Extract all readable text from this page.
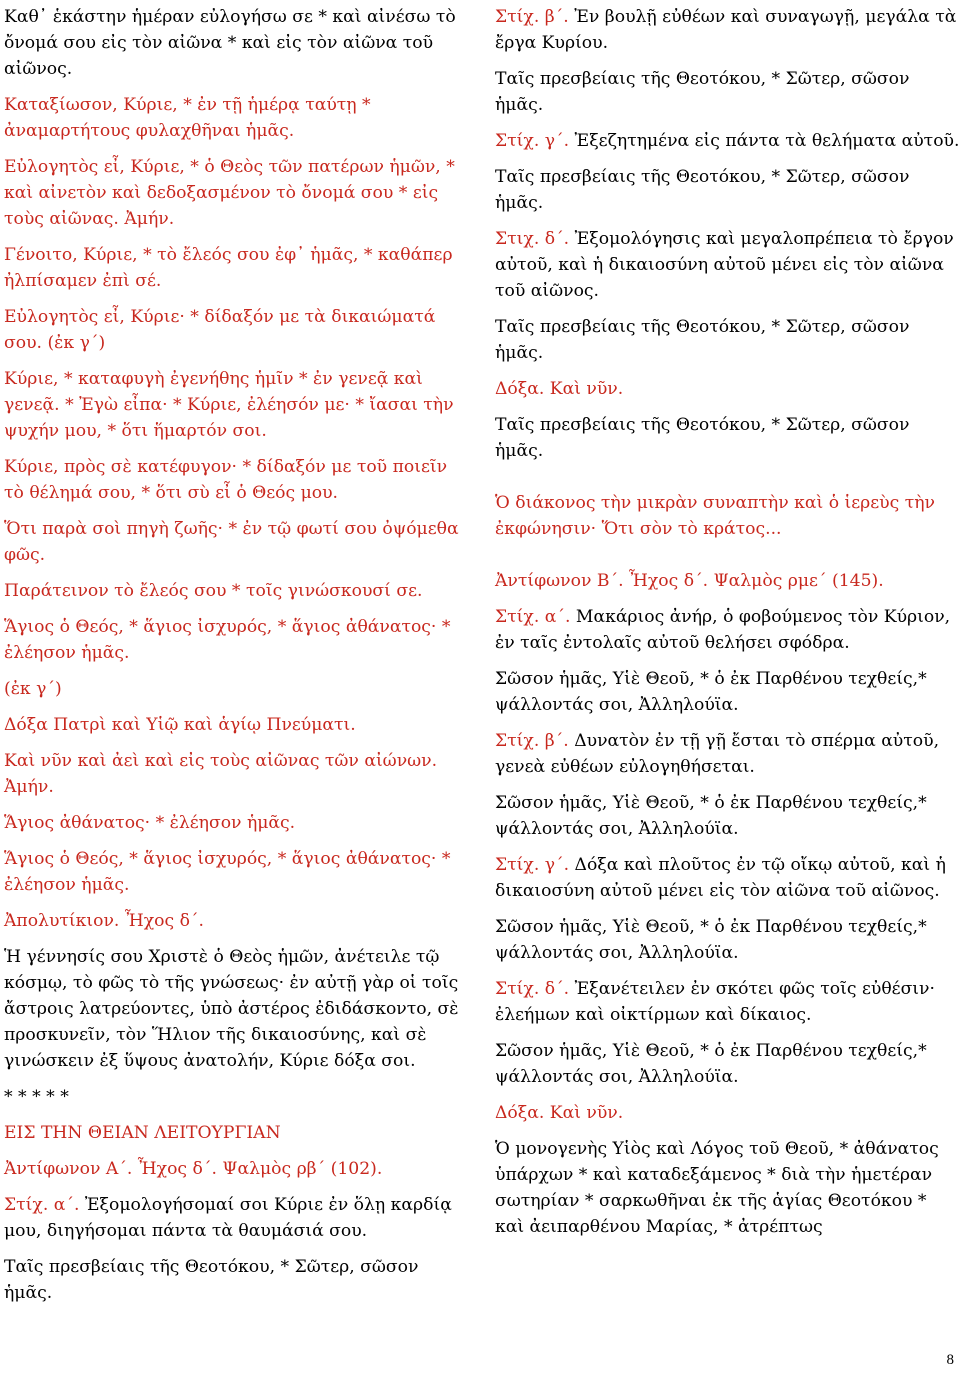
Καθ᾽ ἑκάστην ἡμέραν εὐλογήσω σε * καὶ αἰνέσω τὸ ὄνομά σου εἰς τὸν αἰῶνα * καὶ εἰς τὸν αἰῶνα τοῦ αἰῶνος.

Καταξίωσον, Κύριε, * ἐν τῇ ἡμέρᾳ ταύτῃ * ἀναμαρτήτους φυλαχθῆναι ἡμᾶς.

Εὐλογητὸς εἶ, Κύριε, * ὁ Θεὸς τῶν πατέρων ἡμῶν, * καὶ αἰνετὸν καὶ δεδοξασμένον τὸ ὄνομά σου * εἰς τοὺς αἰῶνας. Ἀμήν.

Γένοιτο, Κύριε, * τὸ ἔλεός σου ἐφ᾽ ἡμᾶς, * καθάπερ ἠλπίσαμεν ἐπὶ σέ.

Εὐλογητὸς εἶ, Κύριε· * δίδαξόν με τὰ δικαιώματά σου. (ἐκ γ´)

Κύριε, * καταφυγὴ ἐγενήθης ἡμῖν * ἐν γενεᾷ καὶ γενεᾷ. * Ἐγὼ εἶπα· * Κύριε, ἐλέησόν με· * ἴασαι τὴν ψυχήν μου, * ὅτι ἥμαρτόν σοι.

Κύριε, πρὸς σὲ κατέφυγον· * δίδαξόν με τοῦ ποιεῖν τὸ θέλημά σου, * ὅτι σὺ εἶ ὁ Θεός μου.

Ὅτι παρὰ σοὶ πηγὴ ζωῆς· * ἐν τῷ φωτί σου ὀψόμεθα φῶς.

Παράτεινον τὸ ἔλεός σου * τοῖς γινώσκουσί σε.

Ἅγιος ὁ Θεός, * ἅγιος ἰσχυρός, * ἅγιος ἀθάνατος· * ἐλέησον ἡμᾶς.

(ἐκ γ´)

Δόξα Πατρὶ καὶ Υἱῷ καὶ ἁγίῳ Πνεύματι.

Καὶ νῦν καὶ ἀεὶ καὶ εἰς τοὺς αἰῶνας τῶν αἰώνων. Ἀμήν.

Ἅγιος ἀθάνατος· * ἐλέησον ἡμᾶς.

Ἅγιος ὁ Θεός, * ἅγιος ἰσχυρός, * ἅγιος ἀθάνατος· * ἐλέησον ἡμᾶς.

Ἀπολυτίκιον. Ἦχος δ΄.

Ἡ γέννησίς σου Χριστὲ ὁ Θεὸς ἡμῶν, ἀνέτειλε τῷ κόσμῳ, τὸ φῶς τὸ τῆς γνώσεως· ἐν αὐτῇ γὰρ οἱ τοῖς ἄστροις λατρεύοντες, ὑπὸ ἀστέρος ἐδιδάσκοντο, σὲ προσκυνεῖν, τὸν Ἥλιον τῆς δικαιοσύνης, καὶ σὲ γινώσκειν ἐξ ὕψους ἀνατολήν, Κύριε δόξα σοι.

* * * * *

ΕΙΣ ΤΗΝ ΘΕΙΑΝ ΛΕΙΤΟΥΡΓΙΑΝ

Ἀντίφωνον Α´. Ἦχος δ´. Ψαλμὸς ρβ´ (102).

Στίχ. α´. Ἐξομολογήσομαί σοι Κύριε ἐν ὅλῃ καρδίᾳ μου, διηγήσομαι πάντα τὰ θαυμάσιά σου.

Ταῖς πρεσβείαις τῆς Θεοτόκου, * Σῶτερ, σῶσον ἡμᾶς.

Στίχ. β´. Ἐν βουλῇ εὐθέων καὶ συναγωγῇ, μεγάλα τὰ ἔργα Κυρίου.

Ταῖς πρεσβείαις τῆς Θεοτόκου, * Σῶτερ, σῶσον ἡμᾶς.

Στίχ. γ´. Ἐξεζητημένα εἰς πάντα τὰ θελήματα αὐτοῦ.

Ταῖς πρεσβείαις τῆς Θεοτόκου, * Σῶτερ, σῶσον ἡμᾶς.

Στιχ. δ´. Ἐξομολόγησις καὶ μεγαλοπρέπεια τὸ ἔργον αὐτοῦ, καὶ ἡ δικαιοσύνη αὐτοῦ μένει εἰς τὸν αἰῶνα τοῦ αἰῶνος.

Ταῖς πρεσβείαις τῆς Θεοτόκου, * Σῶτερ, σῶσον ἡμᾶς.

Δόξα. Καὶ νῦν.

Ταῖς πρεσβείαις τῆς Θεοτόκου, * Σῶτερ, σῶσον ἡμᾶς.

Ὁ διάκονος τὴν μικρὰν συναπτὴν καὶ ὁ ἱερεὺς τὴν ἐκφώνησιν· Ὅτι σὸν τὸ κράτος...

Ἀντίφωνον Β´. Ἦχος δ´. Ψαλμὸς ρμε´ (145).

Στίχ. α´. Μακάριος ἀνήρ, ὁ φοβούμενος τὸν Κύριον, ἐν ταῖς ἐντολαῖς αὐτοῦ θελήσει σφόδρα.

Σῶσον ἡμᾶς, Υἱὲ Θεοῦ, * ὁ ἐκ Παρθένου τεχθείς,* ψάλλοντάς σοι, Ἀλληλούϊα.

Στίχ. β´. Δυνατὸν ἐν τῇ γῇ ἔσται τὸ σπέρμα αὐτοῦ, γενεὰ εὐθέων εὐλογηθήσεται.

Σῶσον ἡμᾶς, Υἱὲ Θεοῦ, * ὁ ἐκ Παρθένου τεχθείς,* ψάλλοντάς σοι, Ἀλληλούϊα.

Στίχ. γ´. Δόξα καὶ πλοῦτος ἐν τῷ οἴκῳ αὐτοῦ, καὶ ἡ δικαιοσύνη αὐτοῦ μένει εἰς τὸν αἰῶνα τοῦ αἰῶνος.

Σῶσον ἡμᾶς, Υἱὲ Θεοῦ, * ὁ ἐκ Παρθένου τεχθείς,* ψάλλοντάς σοι, Ἀλληλούϊα.

Στίχ. δ´. Ἐξανέτειλεν ἐν σκότει φῶς τοῖς εὐθέσιν· ἐλεήμων καὶ οἰκτίρμων καὶ δίκαιος.

Σῶσον ἡμᾶς, Υἱὲ Θεοῦ, * ὁ ἐκ Παρθένου τεχθείς,* ψάλλοντάς σοι, Ἀλληλούϊα.

Δόξα. Καὶ νῦν.

Ὁ μονογενὴς Υἱὸς καὶ Λόγος τοῦ Θεοῦ, * ἀθάνατος ὑπάρχων * καὶ καταδεξάμενος * διὰ τὴν ἡμετέραν σωτηρίαν * σαρκωθῆναι ἐκ τῆς ἁγίας Θεοτόκου * καὶ ἀειπαρθένου Μαρίας, * ἀτρέπτως

8
